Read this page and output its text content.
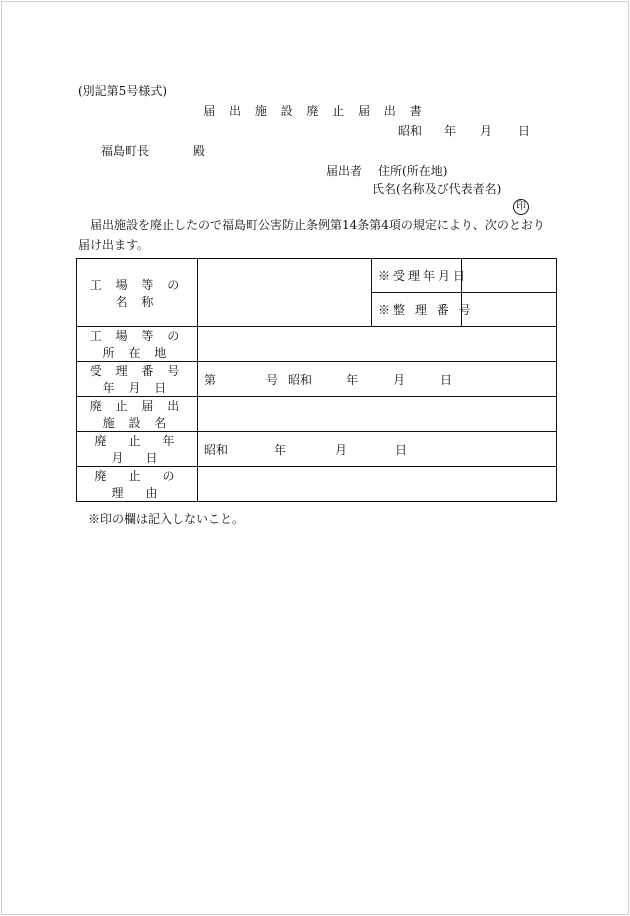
(別記第5号様式)
届 出 施 設 廃 止 届 出 書
昭和 年 月 日
福島町長	殿
届出者 住所(所在地)
氏名(名称及び代表者名)
印
届出施設を廃止したので福島町公害防止条例第14条第4項の規定により、次のとおり届け出ます。
工 場 等 の 名 称		※受理年月日	
		※整 理 番 号	
工 場 等 の 所 在 地			
受 理 番 号 年 月 日	第 号 昭和 年 月 日		
廃 止 届 出 施 設 名			
廃　止　年　月　日	昭和 年 月 日		
廃　止　の　理　由			
※印の欄は記入しないこと。
